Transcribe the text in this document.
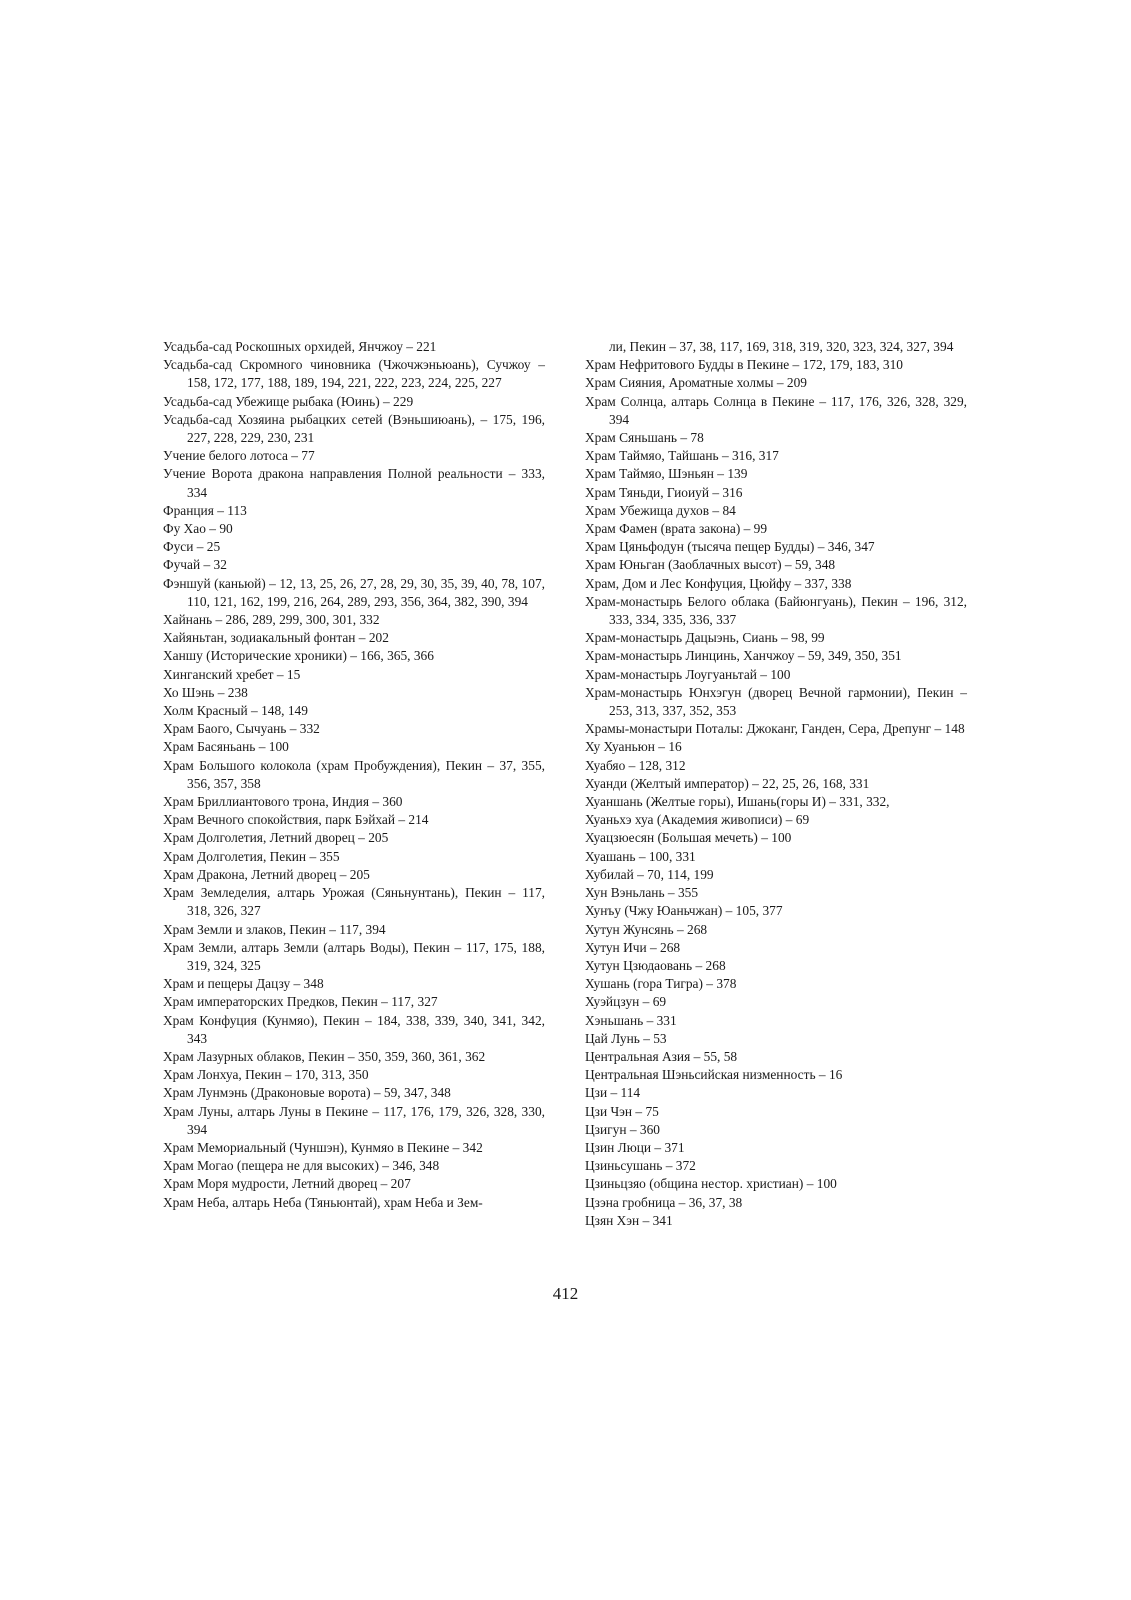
Усадьба-сад Роскошных орхидей, Янчжоу – 221
Усадьба-сад Скромного чиновника (Чжочжэньюань), Сучжоу – 158, 172, 177, 188, 189, 194, 221, 222, 223, 224, 225, 227
Усадьба-сад Убежище рыбака (Юинь) – 229
Усадьба-сад Хозяина рыбацких сетей (Вэньшиюань), – 175, 196, 227, 228, 229, 230, 231
Учение белого лотоса – 77
Учение Ворота дракона направления Полной реальности – 333, 334
Франция – 113
Фу Хао – 90
Фуси – 25
Фучай – 32
Фэншуй (каньюй) – 12, 13, 25, 26, 27, 28, 29, 30, 35, 39, 40, 78, 107, 110, 121, 162, 199, 216, 264, 289, 293, 356, 364, 382, 390, 394
Хайнань – 286, 289, 299, 300, 301, 332
Хайяньтан, зодиакальный фонтан – 202
Ханшу (Исторические хроники) – 166, 365, 366
Хинганский хребет – 15
Хо Шэнь – 238
Холм Красный – 148, 149
Храм Баого, Сычуань – 332
Храм Басяньань – 100
Храм Большого колокола (храм Пробуждения), Пекин – 37, 355, 356, 357, 358
Храм Бриллиантового трона, Индия – 360
Храм Вечного спокойствия, парк Бэйхай – 214
Храм Долголетия, Летний дворец – 205
Храм Долголетия, Пекин – 355
Храм Дракона, Летний дворец – 205
Храм Земледелия, алтарь Урожая (Сяньнунтань), Пекин – 117, 318, 326, 327
Храм Земли и злаков, Пекин – 117, 394
Храм Земли, алтарь Земли (алтарь Воды), Пекин – 117, 175, 188, 319, 324, 325
Храм и пещеры Дацзу – 348
Храм императорских Предков, Пекин – 117, 327
Храм Конфуция (Кунмяо), Пекин – 184, 338, 339, 340, 341, 342, 343
Храм Лазурных облаков, Пекин – 350, 359, 360, 361, 362
Храм Лонхуа, Пекин – 170, 313, 350
Храм Лунмэнь (Драконовые ворота) – 59, 347, 348
Храм Луны, алтарь Луны в Пекине – 117, 176, 179, 326, 328, 330, 394
Храм Мемориальный (Чуншэн), Кунмяо в Пекине – 342
Храм Могао (пещера не для высоких) – 346, 348
Храм Моря мудрости, Летний дворец – 207
Храм Неба, алтарь Неба (Тяньюнтай), храм Неба и Зем-
ли, Пекин – 37, 38, 117, 169, 318, 319, 320, 323, 324, 327, 394
Храм Нефритового Будды в Пекине – 172, 179, 183, 310
Храм Сияния, Ароматные холмы – 209
Храм Солнца, алтарь Солнца в Пекине – 117, 176, 326, 328, 329, 394
Храм Сяньшань – 78
Храм Таймяо, Тайшань – 316, 317
Храм Таймяо, Шэньян – 139
Храм Тяньди, Гиоиуй – 316
Храм Убежища духов – 84
Храм Фамен (врата закона) – 99
Храм Цяньфодун (тысяча пещер Будды) – 346, 347
Храм Юньган (Заоблачных высот) – 59, 348
Храм, Дом и Лес Конфуция, Цюйфу – 337, 338
Храм-монастырь Белого облака (Байюнгуань), Пекин – 196, 312, 333, 334, 335, 336, 337
Храм-монастырь Дацыэнь, Сиань – 98, 99
Храм-монастырь Линцинь, Ханчжоу – 59, 349, 350, 351
Храм-монастырь Лоугуаньтай – 100
Храм-монастырь Юнхэгун (дворец Вечной гармонии), Пекин – 253, 313, 337, 352, 353
Храмы-монастыри Поталы: Джоканг, Ганден, Сера, Дрепунг – 148
Ху Хуаньюн – 16
Хуабяо – 128, 312
Хуанди (Желтый император) – 22, 25, 26, 168, 331
Хуаншань (Желтые горы), Ишань(горы И) – 331, 332,
Хуаньхэ хуа (Академия живописи) – 69
Хуацзюесян (Большая мечеть) – 100
Хуашань – 100, 331
Хубилай – 70, 114, 199
Хун Вэньлань – 355
Хунъу (Чжу Юаньчжан) – 105, 377
Хутун Жунсянь – 268
Хутун Ичи – 268
Хутун Цзюдаовань – 268
Хушань (гора Тигра) – 378
Хуэйцзун – 69
Хэньшань – 331
Цай Лунь – 53
Центральная Азия – 55, 58
Центральная Шэньсийская низменность – 16
Цзи – 114
Цзи Чэн – 75
Цзигун – 360
Цзин Люци – 371
Цзиньсушань – 372
Цзиньцзяо (община нестор. христиан) – 100
Цзэна гробница – 36, 37, 38
Цзян Хэн – 341
412
